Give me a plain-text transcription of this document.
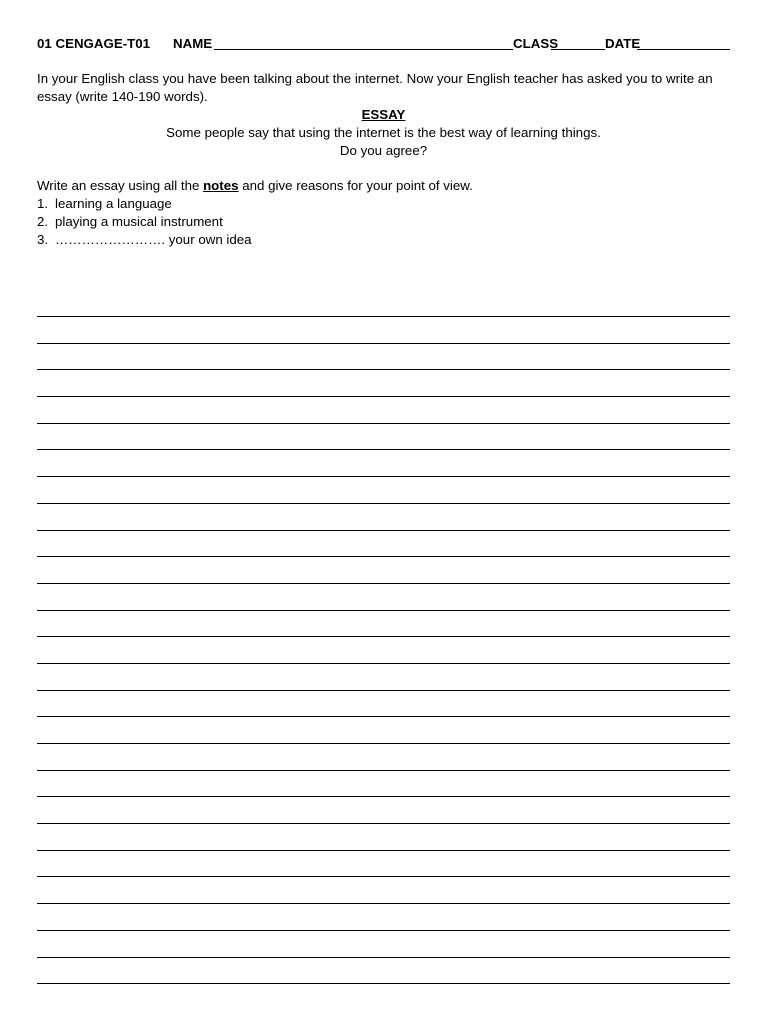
01 CENGAGE-T01 NAME	CLASS	DATE
In your English class you have been talking about the internet. Now your English teacher has asked you to write an essay (write 140-190 words).
ESSAY
Some people say that using the internet is the best way of learning things.
Do you agree?
Write an essay using all the notes and give reasons for your point of view.
1. learning a language
2. playing a musical instrument
3. ……………………. your own idea
